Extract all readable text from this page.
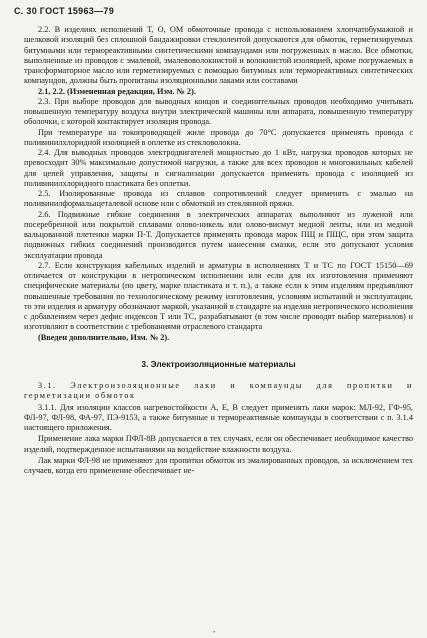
С. 30 ГОСТ 15963—79

2.2. В изделиях исполнений Т, О, ОМ обмоточные провода с использованием хлопчатобумажной и шелковой изоляций без сплошной бандажировки стеклолентой допускаются для обмоток, герметизируемых битумными или термореактивными синтетическими компаундами или погруженных в масло. Все обмотки, выполненные из проводов с эмалевой, эмалевoволокнистой и волокнистой изоляцией, кроме погружаемых в трансформаторное масло или герметизируемых с помощью битумных или термореактивных синтетических компаундов, должны быть пропитаны изоляционными лаками или составами

2.1, 2.2. (Измененная редакция, Изм. № 2).

2.3. При выборе проводов для выводных концов и соединительных проводов необходимо учитывать повышенную температуру воздуха внутри электрической машины или аппарата, повышенную температуру оболочки, с которой контактирует изоляция провода.

При температуре на токопроводящей жиле провода до 70°С допускается применять провода с поливинилхлоридной изоляцией в оплетке из стекловолокна.

2.4. Для выводных проводов электродвигателей мощностью до 1 кВт, нагрузка проводов которых не превосходит 30% максимально допустимой нагрузки, а также для всех проводов и многожильных кабелей для цепей управления, защиты и сигнализации допускается применять провода с изоляцией из поливинилхлоридного пластиката без оплетки.

2.5. Изолированные провода из сплавов сопротивлений следует применять с эмалью на поливинилформальацеталевой основе или с обмоткой из стеклянной пряжи.

2.6. Подвижные гибкие соединения в электрических аппаратах выполняют из луженой или посеребренной или покрытой сплавами олово-никель или олово-висмут медной ленты, или из медной вальцованной плетенки марки П-Т. Допускается применять провода марок ПЩ и ПЩС, при этом защита подвижных гибких соединений производится путем нанесения смазки, если это допускают условия эксплуатации провода

2.7. Если конструкция кабельных изделий и арматуры в исполнениях Т и ТС по ГОСТ 15150—69 отличается от конструкции в нетропическом исполнении или если для их изготовления применяют специфические материалы (по цвету, марке пластиката и т. п.), а также если к этим изделиям предъявляют повышенные требования по технологическому режиму изготовления, условиям испытаний и эксплуатации, то эти изделия и арматуру обозначают маркой, указанной в стандарте на изделия нетропического исполнения с добавлением через дефис индексов Т или ТС, разрабатывают (в том числе проводят выбор материалов) и изготовляют в соответствии с требованиями отраслевого стандарта

(Введен дополнительно, Изм. № 2).

3. Электроизоляционные материалы

3.1. Электроизоляционные лаки и компаунды для пропитки и герметизации обмоток

3.1.1. Для изоляции классов нагревостойкости А, Е, В следует применять лаки марок: МЛ-92, ГФ-95, ФЛ-97, ФЛ-98, ФА-97, ПЭ-9153, а также битумные и термореактивные компаунды в соответствии с п. 3.1.4 настоящего приложения.

Применение лака марки ПФЛ-8В допускается в тех случаях, если он обеспечивает необходимое качество изделий, подтвержденное испытаниями на воздействие влажности воздуха.

Лак марки ФЛ-98 не применяют для пропитки обмоток из эмалированных проводов, за исключением тех случаев, когда его применение обеспечивает не-

•
